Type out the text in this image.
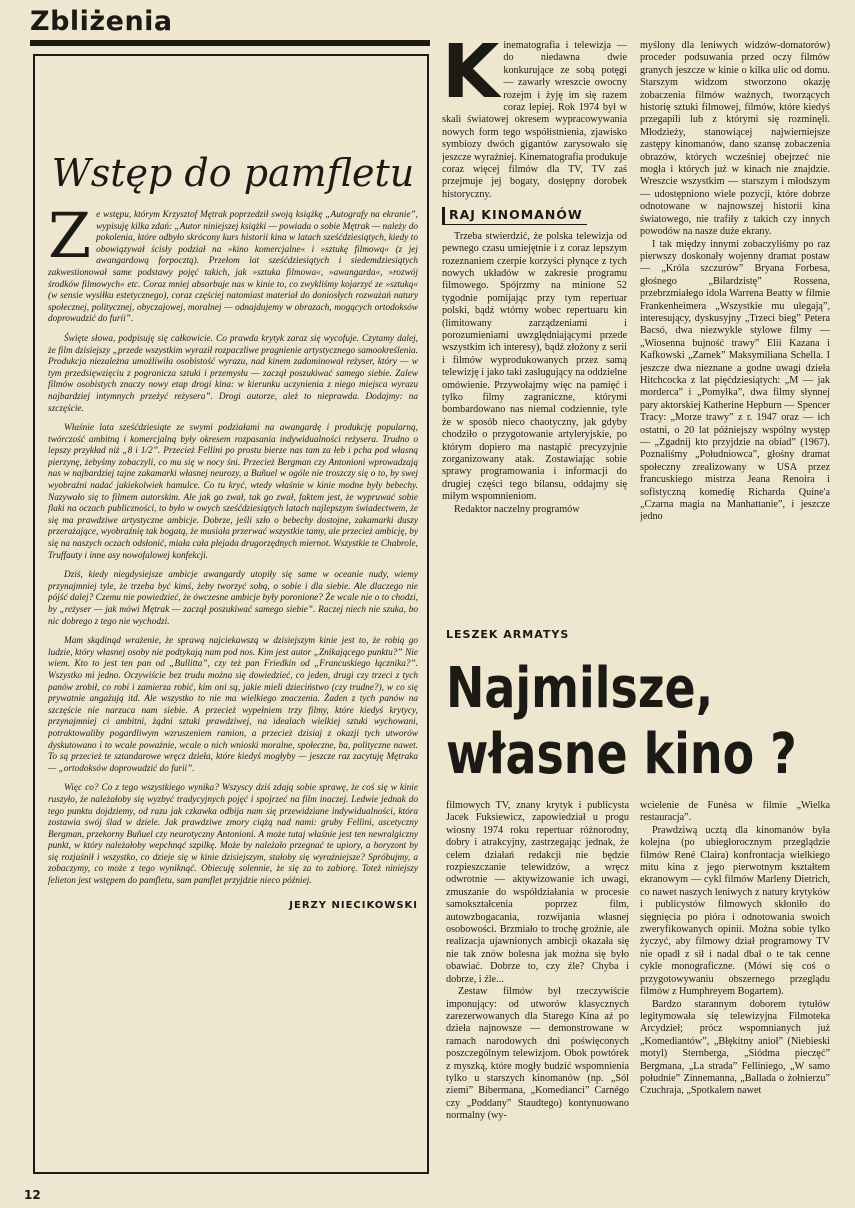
Zbliżenia
Wstęp do pamfletu

Ze wstępu, którym Krzysztof Mętrak poprzedził swoją książkę „Autografy na ekranie”, wypisuję kilka zdań: „Autor niniejszej książki — powiada o sobie Mętrak — należy do pokolenia, które odbyło skrócony kurs historii kina w latach sześćdziesiątych, kiedy to obowiązywał ścisły podział na »kino komercjalne« i »sztukę filmową« (z jej awangardową forpocztą). Przełom lat sześćdziesiątych i siedemdziesiątych zakwestionował same podstawy pojęć takich, jak »sztuka filmowa«, »awangarda«, »rozwój środków filmowych« etc. Coraz mniej absorbuje nas w kinie to, co zwykliśmy kojarzyć ze »sztuką« (w sensie wysiłku estetycznego), coraz częściej natomiast materiał do doniosłych rozważań natury społecznej, politycznej, obyczajowej, moralnej — odnajdujemy w obrazach, mogących ortodoksów doprowadzić do furii”.

Święte słowa, podpisuję się całkowicie. Co prawda krytyk zaraz się wycofuje. Czytamy dalej, że film dzisiejszy „przede wszystkim wyraził rozpaczliwe pragnienie artystycznego samookreślenia. Produkcja niezależna umożliwiła osobistość wyrazu, nad kinem zadominował reżyser, który — w tym przedsięwzięciu z pogranicza sztuki i przemysłu — zaczął poszukiwać samego siebie. Zalew filmów osobistych znaczy nowy etap drogi kina: w kierunku uczynienia z niego miejsca wyrazu najbardziej intymnych przeżyć reżysera”. Drogi autorze, ależ to nieprawda. Dodajmy: na szczęście.

Właśnie lata sześćdziesiąte ze swymi podziałami na awangardę i produkcję popularną, twórczość ambitną i komercjalną były okresem rozpasania indywidualności reżysera. Trudno o lepszy przykład niż „8 i 1/2”. Przecież Fellini po prostu bierze nas tam za łeb i pcha pod własną pierzynę, żebyśmy zobaczyli, co mu się w nocy śni. Przecież Bergman czy Antonioni wprowadzają nas w najbardziej tajne zakamarki własnej neurozy, a Buñuel w ogóle nie troszczy się o to, by swej wyobraźni nadać jakiekolwiek hamulce. Co tu kryć, wtedy właśnie w kinie modne były bebechy. Nazywało się to filmem autorskim. Ale jak go zwał, tak go zwał, faktem jest, że wypruwać sobie flaki na oczach publiczności, to było w owych sześćdziesiątych latach najlepszym świadectwem, że się ma prawdziwe artystyczne ambicje. Dobrze, jeśli szło o bebechy dostojne, zakamarki duszy przerażające, wyobraźnię tak bogatą, że musiała przerwać wszystkie tamy, ale przecież ambicję, by się na naszych oczach odsłonić, miała cała plejada drugorzędnych miernot. Wszystkie te Chabrole, Truffauty i inne asy nowofalowej konfekcji.

Dziś, kiedy niegdysiejsze ambicje awangardy utopiły się same w oceanie nudy, wiemy przynajmniej tyle, że trzeba być kimś, żeby tworzyć sobą, o sobie i dla siebie. Ale dlaczego nie pójść dalej? Czemu nie powiedzieć, że ówczesne ambicje były poronione? Że wcale nie o to chodzi, by „reżyser — jak mówi Mętrak — zaczął poszukiwać samego siebie”. Raczej niech nie szuka, bo nic dobrego z tego nie wychodzi.

Mam skądinąd wrażenie, że sprawą najciekawszą w dzisiejszym kinie jest to, że robią go ludzie, który własnej osoby nie podtykają nam pod nos. Kim jest autor „Znikającego punktu?” Nie wiem. Kto to jest ten pan od „Bullitta”, czy też pan Friedkin od „Francuskiego łącznika?”. Wszystko mi jedno. Oczywiście bez trudu można się dowiedzieć, co jeden, drugi czy trzeci z tych panów zrobił, co robi i zamierza robić, kim oni są, jakie mieli dzieciństwo (czy trudne?), w co się prywatnie angażują itd. Ale wszystko to nie ma wielkiego znaczenia. Żaden z tych panów na szczęście nie narzuca nam siebie. A przecież wypełniem trzy filmy, które kiedyś krytycy, przynajmniej ci ambitni, żądni sztuki prawdziwej, na idealach wielkiej sztuki wychowani, potraktowaliby pogardliwym wzruszeniem ramion, a przecież dzisiaj z okazji tych utworów dyskutowano i to wcale poważnie, wcale o nich wnioski moralne, społeczne, ba, polityczne nawet. To są przecież te sztandarowe wręcz dzieła, które kiedyś mogłyby — jeszcze raz zacytuję Mętraka — „ortodoksów doprowadzić do furii”.

Więc co? Co z tego wszystkiego wynika? Wszyscy dziś zdają sobie sprawę, że coś się w kinie ruszyło, że należałoby się wyzbyć tradycyjnych pojęć i spojrzeć na film inaczej. Ledwie jednak do tego punktu dojdziemy, od razu jak czkawka odbija nam się przewidziane indywidualności, która zostawia swój ślad w dziele. Jak prawdziwe zmory ciążą nad nami: gruby Fellini, ascetyczny Bergman, przekorny Buñuel czy neurotyczny Antonioni. A może tutaj właśnie jest ten newralgiczny punkt, w który należałoby wepchnąć szpilkę. Może by należało przegnać te upiory, a horyzont by się rozjaśnił i wszystko, co dzieje się w kinie dzisiejszym, stałoby się wyraźniejsze? Spróbujmy, a zobaczymy, co może z tego wyniknąć. Obiecuję solennie, że się za to zabiorę. Toteż niniejszy felieton jest wstępem do pamfletu, sam pamflet przyjdzie nieco później.

JERZY NIECIKOWSKI

Kinematografia i telewizja — do niedawna dwie konkurujące ze sobą potęgi — zawarły wreszcie owocny rozejm i żyję im się razem coraz lepiej. Rok 1974 był w skali światowej okresem wypracowywania nowych form tego współistnienia, zjawisko symbiozy dwóch gigantów zarysowało się jeszcze wyraźniej. Kinematografia produkuje coraz więcej filmów dla TV, TV zaś przejmuje jej bogaty, dostępny dorobek historyczny.

RAJ KINOMANÓW

Trzeba stwierdzić, że polska telewizja od pewnego czasu umiejętnie i z coraz lepszym rozeznaniem czerpie korzyści płynące z tych nowych układów w zakresie programu filmowego. Spójrzmy na minione 52 tygodnie pomijając przy tym repertuar polski, bądź wtórny wobec repertuaru kin (limitowany zarządzeniami i porozumieniami uwzględniającymi przede wszystkim ich interesy), bądź złożony z serii i filmów wyprodukowanych przez samą telewizję i jako taki zasługujący na oddzielne omówienie. Przywołajmy więc na pamięć i tylko filmy zagraniczne, którymi bombardowano nas niemal codziennie, tyle że w sposób nieco chaotyczny, jak gdyby chodziło o przygotowanie artyleryjskie, po którym dopiero ma nastąpić precyzyjnie zorganizowany atak. Zostawiając sobie sprawy programowania i informacji do drugiej części tego bilansu, oddajmy się miłym wspomnieniom.

Redaktor naczelny programów

myślony dla leniwych widzów-domatorów) proceder podsuwania przed oczy filmów granych jeszcze w kinie o kilka ulic od domu. Starszym widzom stworzono okazję zobaczenia filmów ważnych, tworzących historię sztuki filmowej, filmów, które kiedyś przegapili lub z którymi się rozminęli. Młodzieży, stanowiącej najwierniejsze zastępy kinomanów, dano szansę zobaczenia obrazów, których wcześniej obejrzeć nie mogła i których już w kinach nie znajdzie. Wreszcie wszystkim — starszym i młodszym — udostępniono wiele pozycji, które dobrze odnotowane w najnowszej historii kina światowego, nie trafiły z takich czy innych powodów na nasze duże ekrany.

I tak między innymi zobaczyliśmy po raz pierwszy doskonały wojenny dramat postaw — „Króla szczurów” Bryana Forbesa, głośnego „Bilardzistę” Rossena, przebrzmiałego idola Warrena Beatty w filmie Frankenheimera „Wszystkie mu ulegają”, interesujący, dyskusyjny „Trzeci bieg” Petera Bacsó, dwa niezwykle stylowe filmy — „Wiosenna bujność trawy” Elii Kazana i Kafkowski „Zamek” Maksymiliana Schella. I jeszcze dwa nieznane a godne uwagi dzieła Hitchcocka z lat pięćdziesiątych: „M — jak morderca” i „Pomyłka”, dwa filmy słynnej pary aktorskiej Katherine Hepburn — Spencer Tracy: „Morze trawy” z r. 1947 oraz — ich ostatni, o 20 lat późniejszy wspólny występ — „Zgadnij kto przyjdzie na obiad” (1967). Poznaliśmy „Południowca”, głośny dramat społeczny zrealizowany w USA przez francuskiego mistrza Jeana Renoira i sofistyczną komedię Richarda Quine'a „Czarna magia na Manhattanie”, i jeszcze jedno

LESZEK ARMATYS
Najmilsze,
własne kino ?

filmowych TV, znany krytyk i publicysta Jacek Fuksiewicz, zapowiedział u progu wiosny 1974 roku repertuar różnorodny, dobry i atrakcyjny, zastrzegając jednak, że celem działań redakcji nie będzie rozpieszczanie telewidzów, a wręcz odwrotnie — aktywizowanie ich uwagi, zmuszanie do współdziałania w procesie samokształcenia poprzez film, autowzbogacania, rozwijania własnej osobowości. Brzmiało to trochę groźnie, ale realizacja ujawnionych ambicji okazała się nie tak znów bolesna jak można się było obawiać. Dobrze to, czy źle? Chyba i dobrze, i źle...

Zestaw filmów był rzeczywiście imponujący: od utworów klasycznych zarezerwowanych dla Starego Kina aż po dzieła najnowsze — demonstrowane w ramach narodowych dni poświęconych poszczególnym telewizjom. Obok powtórek z myszką, które mogły budzić wspomnienia tylko u starszych kinomanów (np. „Sól ziemi” Bibermana, „Komedianci” Carnégo czy „Poddany” Staudtego) kontynuowano normalny (wy-

wcielenie de Funèsa w filmie „Wielka restauracja”.

Prawdziwą ucztą dla kinomanów była kolejna (po ubiegłorocznym przeglądzie filmów René Claira) konfrontacja wielkiego mitu kina z jego pierwotnym kształtem ekranowym — cykl filmów Marleny Dietrich, co nawet naszych leniwych z natury krytyków i publicystów filmowych skłoniło do sięgnięcia po pióra i odnotowania swoich zweryfikowanych opinii. Można sobie tylko życzyć, aby filmowy dział programowy TV nie opadł z sił i nadal dbał o te tak cenne cykle monograficzne. (Mówi się coś o przygotowywaniu obszernego przeglądu filmów z Humphreyem Bogartem).

Bardzo starannym doborem tytułów legitymowała się telewizyjna Filmoteka Arcydzieł; prócz wspomnianych już „Komediantów”, „Błękitny anioł” (Niebieski motyl) Sternberga, „Siódma pieczęć” Bergmana, „La strada” Felliniego, „W samo południe” Zinnemanna, „Ballada o żołnierzu” Czuchraja, „Spotkalem nawet

12
